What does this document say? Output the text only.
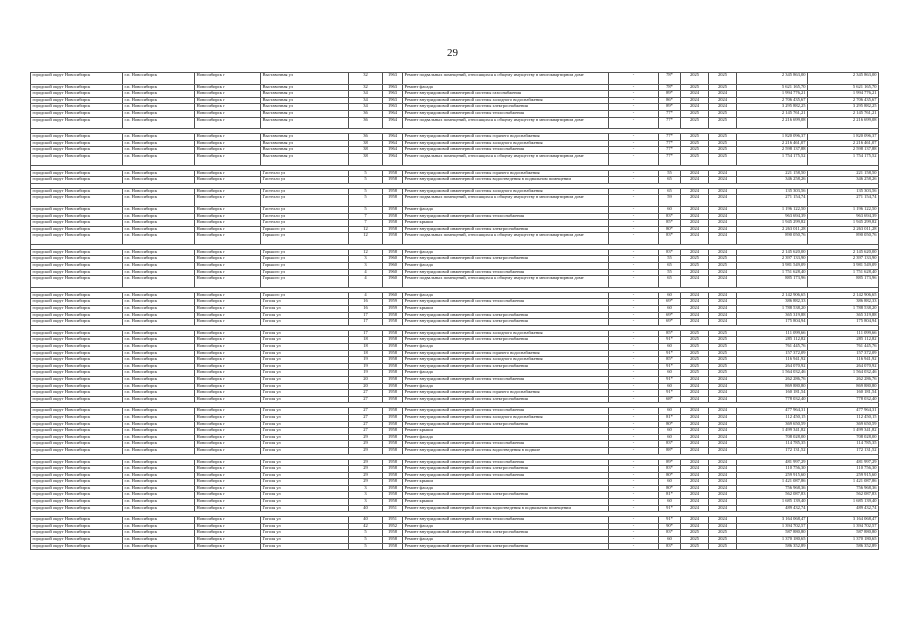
29
городской округ Новосибирск	г.п. Новосибирск	Новосибирск г	Выставочная ул	32	1963	Ремонт подвальных помещений, относящихся к общему имуществу в многоквартирном доме	-	78*	2025	2025	2 345 863,00	2 345 863,00
городской округ Новосибирск	г.п. Новосибирск	Новосибирск г	Выставочная ул	32	1963	Ремонт фасада	-	78*	2025	2025	5 621 165,70	5 621 165,70
городской округ Новосибирск	г.п. Новосибирск	Новосибирск г	Выставочная ул	34	1963	Ремонт внутридомовой инженерной системы газоснабжения	-	89*	2024	2024	1 994 776,21	1 994 776,21
городской округ Новосибирск	г.п. Новосибирск	Новосибирск г	Выставочная ул	34	1963	Ремонт внутридомовой инженерной системы холодного водоснабжения	-	86*	2024	2024	2 706 435,67	2 706 435,67
городской округ Новосибирск	г.п. Новосибирск	Новосибирск г	Выставочная ул	34	1963	Ремонт внутридомовой инженерной системы электроснабжения	-	89*	2024	2024	3 295 882,25	3 295 882,25
городской округ Новосибирск	г.п. Новосибирск	Новосибирск г	Выставочная ул	36	1964	Ремонт внутридомовой инженерной системы теплоснабжения	-	77*	2025	2025	2 145 761,21	2 145 761,21
городской округ Новосибирск	г.п. Новосибирск	Новосибирск г	Выставочная ул	36	1964	Ремонт подвальных помещений, относящихся к общему имуществу в многоквартирном доме	-	77*	2025	2025	2 216 699,08	2 216 699,08

городской округ Новосибирск	г.п. Новосибирск	Новосибирск г	Выставочная ул	36	1964	Ремонт внутридомовой инженерной системы горячего водоснабжения	-	77*	2025	2025	1 820 096,37	1 820 096,37
городской округ Новосибирск	г.п. Новосибирск	Новосибирск г	Выставочная ул	38	1964	Ремонт внутридомовой инженерной системы холодного водоснабжения	-	77*	2025	2025	2 216 461,07	2 216 461,07
городской округ Новосибирск	г.п. Новосибирск	Новосибирск г	Выставочная ул	38	1964	Ремонт внутридомовой инженерной системы теплоснабжения	-	77*	2025	2025	2 598 137,88	2 598 137,88
городской округ Новосибирск	г.п. Новосибирск	Новосибирск г	Выставочная ул	38	1964	Ремонт подвальных помещений, относящихся к общему имуществу в многоквартирном доме	-	77*	2025	2025	1 754 175,52	1 754 175,52

городской округ Новосибирск	г.п. Новосибирск	Новосибирск г	Гастелло ул	5	1958	Ремонт внутридомовой инженерной системы горячего водоснабжения	-	55	2024	2024	221 158,50	221 158,50
городской округ Новосибирск	г.п. Новосибирск	Новосибирск г	Гастелло ул	5	1958	Ремонт внутридомовой инженерной системы водоотведения в подвальном помещении	-	65	2024	2024	346 258,26	346 258,26

городской округ Новосибирск	г.п. Новосибирск	Новосибирск г	Гастелло ул	5	1958	Ремонт внутридомовой инженерной системы холодного водоснабжения	-	65	2024	2024	135 303,56	135 303,56
городской округ Новосибирск	г.п. Новосибирск	Новосибирск г	Гастелло ул	5	1958	Ремонт подвальных помещений, относящихся к общему имуществу в многоквартирном доме	-	59	2024	2024	271 154,74	271 154,74
городской округ Новосибирск	г.п. Новосибирск	Новосибирск г	Гастелло ул	5	1958	Ремонт фасада	-	60	2024	2024	1 196 122,50	1 196 122,50
городской округ Новосибирск	г.п. Новосибирск	Новосибирск г	Гастелло ул	7	1958	Ремонт внутридомовой инженерной системы теплоснабжения	-	83*	2024	2024	963 694,39	963 694,39
городской округ Новосибирск	г.п. Новосибирск	Новосибирск г	Гастелло ул	7	1958	Ремонт крыши	-	85*	2024	2024	1 945 299,82	1 945 299,82
городской округ Новосибирск	г.п. Новосибирск	Новосибирск г	Горького ул	12	1958	Ремонт внутридомовой инженерной системы электроснабжения	-	80*	2024	2024	2 263 011,28	2 263 011,28
городской округ Новосибирск	г.п. Новосибирск	Новосибирск г	Горького ул	12	1958	Ремонт подвальных помещений, относящихся к общему имуществу в многоквартирном доме	-	83*	2024	2024	890 050,76	890 050,76

городской округ Новосибирск	г.п. Новосибирск	Новосибирск г	Горького ул	12	1958	Ремонт фасада	-	83*	2024	2024	2 145 620,00	2 145 620,00
городской округ Новосибирск	г.п. Новосибирск	Новосибирск г	Горького ул	3	1960	Ремонт внутридомовой инженерной системы электроснабжения	-	55	2025	2025	2 397 133,90	2 397 133,90
городской округ Новосибирск	г.п. Новосибирск	Новосибирск г	Горького ул	3	1960	Ремонт фасада	-	65	2025	2025	3 981 549,09	3 981 549,09
городской округ Новосибирск	г.п. Новосибирск	Новосибирск г	Горького ул	4	1960	Ремонт внутридомовой инженерной системы теплоснабжения	-	55	2024	2024	1 751 628,40	1 751 628,40
городской округ Новосибирск	г.п. Новосибирск	Новосибирск г	Горького ул	4	1960	Ремонт подвальных помещений, относящихся к общему имуществу в многоквартирном доме	-	65	2024	2024	885 173,96	885 173,96

городской округ Новосибирск	г.п. Новосибирск	Новосибирск г	Горького ул	4	1960	Ремонт фасада	-	60	2024	2024	2 142 906,65	2 142 906,65
городской округ Новосибирск	г.п. Новосибирск	Новосибирск г	Гоголя ул	16	1959	Ремонт внутридомовой инженерной системы теплоснабжения	-	69*	2024	2024	386 882,33	386 882,33
городской округ Новосибирск	г.п. Новосибирск	Новосибирск г	Гоголя ул	16	1959	Ремонт крыши	-	60	2024	2024	1 788 538,20	1 788 538,20
городской округ Новосибирск	г.п. Новосибирск	Новосибирск г	Гоголя ул	17	1958	Ремонт внутридомовой инженерной системы электроснабжения	-	69*	2024	2024	365 319,88	365 319,88
городской округ Новосибирск	г.п. Новосибирск	Новосибирск г	Гоголя ул	17	1958	Ремонт внутридомовой инженерной системы электроснабжения	-	69*	2024	2024	175 804,94	175 804,94

городской округ Новосибирск	г.п. Новосибирск	Новосибирск г	Гоголя ул	17	1958	Ремонт внутридомовой инженерной системы холодного водоснабжения	-	85*	2025	2025	111 099,66	111 099,66
городской округ Новосибирск	г.п. Новосибирск	Новосибирск г	Гоголя ул	18	1958	Ремонт внутридомовой инженерной системы электроснабжения	-	91*	2025	2025	285 112,82	285 112,82
городской округ Новосибирск	г.п. Новосибирск	Новосибирск г	Гоголя ул	18	1958	Ремонт фасада	-	60	2025	2025	761 445,76	761 445,76
городской округ Новосибирск	г.п. Новосибирск	Новосибирск г	Гоголя ул	18	1958	Ремонт внутридомовой инженерной системы горячего водоснабжения	-	91*	2025	2025	157 372,09	157 372,09
городской округ Новосибирск	г.п. Новосибирск	Новосибирск г	Гоголя ул	19	1958	Ремонт внутридомовой инженерной системы холодного водоснабжения	-	85*	2025	2025	116 941,92	116 941,92
городской округ Новосибирск	г.п. Новосибирск	Новосибирск г	Гоголя ул	19	1958	Ремонт внутридомовой инженерной системы электроснабжения	-	91*	2025	2025	264 070,92	264 070,92
городской округ Новосибирск	г.п. Новосибирск	Новосибирск г	Гоголя ул	19	1958	Ремонт фасада	-	60	2025	2025	1 564 032,46	1 564 032,46
городской округ Новосибирск	г.п. Новосибирск	Новосибирск г	Гоголя ул	20	1958	Ремонт внутридомовой инженерной системы теплоснабжения	-	91*	2024	2024	262 286,76	262 286,76
городской округ Новосибирск	г.п. Новосибирск	Новосибирск г	Гоголя ул	20	1958	Ремонт фасада	-	60	2024	2024	869 880,80	869 880,80
городской округ Новосибирск	г.п. Новосибирск	Новосибирск г	Гоголя ул	27	1958	Ремонт внутридомовой инженерной системы горячего водоснабжения	-	91*	2024	2024	160 181,54	160 181,54
городской округ Новосибирск	г.п. Новосибирск	Новосибирск г	Гоголя ул	27	1958	Ремонт внутридомовой инженерной системы электроснабжения	-	68*	2024	2024	778 032,40	778 032,40

городской округ Новосибирск	г.п. Новосибирск	Новосибирск г	Гоголя ул	27	1958	Ремонт внутридомовой инженерной системы теплоснабжения	-	60	2024	2024	477 964,31	477 964,31
городской округ Новосибирск	г.п. Новосибирск	Новосибирск г	Гоголя ул	27	1958	Ремонт внутридомовой инженерной системы холодного водоснабжения	-	81*	2024	2024	112 450,15	112 450,15
городской округ Новосибирск	г.п. Новосибирск	Новосибирск г	Гоголя ул	27	1958	Ремонт внутридомовой инженерной системы электроснабжения	-	80*	2024	2024	369 650,59	369 650,59
городской округ Новосибирск	г.п. Новосибирск	Новосибирск г	Гоголя ул	27	1958	Ремонт крыши	-	60	2024	2024	1 499 341,82	1 499 341,82
городской округ Новосибирск	г.п. Новосибирск	Новосибирск г	Гоголя ул	29	1958	Ремонт фасада	-	60	2024	2024	708 028,00	708 028,00
городской округ Новосибирск	г.п. Новосибирск	Новосибирск г	Гоголя ул	29	1958	Ремонт внутридомовой инженерной системы теплоснабжения	-	83*	2024	2024	114 785,35	114 785,35
городской округ Новосибирск	г.п. Новосибирск	Новосибирск г	Гоголя ул	29	1958	Ремонт внутридомовой инженерной системы водоотведения в подвале	-	88*	2024	2024	172 131,52	172 131,52

городской округ Новосибирск	г.п. Новосибирск	Новосибирск г	Гоголя ул	29	1958	Ремонт внутридомовой инженерной системы теплоснабжения	-	89*	2024	2024	481 997,29	481 997,29
городской округ Новосибирск	г.п. Новосибирск	Новосибирск г	Гоголя ул	29	1958	Ремонт внутридомовой инженерной системы электроснабжения	-	83*	2024	2024	110 756,30	110 756,30
городской округ Новосибирск	г.п. Новосибирск	Новосибирск г	Гоголя ул	29	1958	Ремонт внутридомовой инженерной системы теплоснабжения	-	80*	2024	2024	259 915,60	259 915,60
городской округ Новосибирск	г.п. Новосибирск	Новосибирск г	Гоголя ул	29	1958	Ремонт крыши	-	60	2024	2024	1 421 087,86	1 421 087,86
городской округ Новосибирск	г.п. Новосибирск	Новосибирск г	Гоголя ул	3	1958	Ремонт фасада	-	80*	2024	2024	756 968,36	756 968,36
городской округ Новосибирск	г.п. Новосибирск	Новосибирск г	Гоголя ул	3	1958	Ремонт внутридомовой инженерной системы электроснабжения	-	81*	2024	2024	562 087,83	562 087,83
городской округ Новосибирск	г.п. Новосибирск	Новосибирск г	Гоголя ул	3	1958	Ремонт крыши	-	60	2024	2024	1 685 139,40	1 685 139,40
городской округ Новосибирск	г.п. Новосибирск	Новосибирск г	Гоголя ул	40	1951	Ремонт внутридомовой инженерной системы водоотведения в подвальном помещении	-	91*	2024	2024	489 432,74	489 432,74

городской округ Новосибирск	г.п. Новосибирск	Новосибирск г	Гоголя ул	40	1951	Ремонт внутридомовой инженерной системы теплоснабжения	-	91*	2024	2024	3 164 068,47	3 164 068,47
городской округ Новосибирск	г.п. Новосибирск	Новосибирск г	Гоголя ул	42	1952	Ремонт фасада	-	90*	2024	2024	1 394 702,57	1 394 702,57
городской округ Новосибирск	г.п. Новосибирск	Новосибирск г	Гоголя ул	5	1958	Ремонт внутридомовой инженерной системы электроснабжения	-	83*	2025	2025	587 880,80	587 880,80
городской округ Новосибирск	г.п. Новосибирск	Новосибирск г	Гоголя ул	5	1958	Ремонт фасада	-	60	2025	2025	1 370 180,65	1 370 180,65
городской округ Новосибирск	г.п. Новосибирск	Новосибирск г	Гоголя ул	5	1958	Ремонт внутридомовой инженерной системы электроснабжения	-	83*	2025	2025	586 352,89	586 352,89
